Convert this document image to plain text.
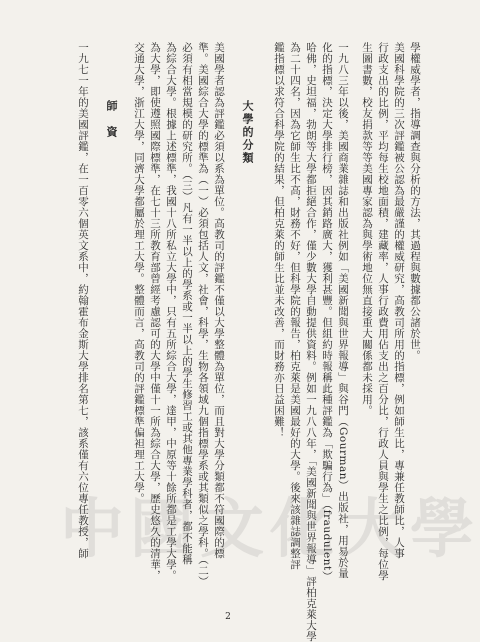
學權威學者，指導調查與分析的方法，其過程與數據都公諸於世。
美國科學院的三次評鑑被公認為最嚴謹的權威研究，高教司所用的指標，例如師生比，專兼任教師比，人事
行政支出的比例，平均每生校地面積，建藏率，人事行政費用佔支出之百分比，行政人員與學生之比例，每位學
生圖書數，校友捐款等等美國專家認為與學術地位無直接重大關係都未採用。
一九八三年以後，美國商業雜誌和出版社例如「美國新聞與世界報導」與谷門（Gourman）出版社，用易於量
化的指標，決定大學排行榜，因其銷路廣大，獲利甚豐。但組約時報稱此種評鑑為「欺騙行為」（fraudulent）
哈佛，史坦福，勃朗等大學都拒絕合作，僅少數大學自動提供資料。例如一九八八年，「美國新聞與世界報導」評柏克萊大學
為二十四名，因為它師生比不高，財務不好，但科學院的報告，柏克萊是美國最好的大學。後來該雜誌調整評
鑑指標以求符合科學院的結果，但柏克萊的師生比並未改善，而財務亦日益困難！
大學的分類
美國學者認為評鑑必須以系為單位。高教司的評鑑不僅以大學整體為單位，而且對大學分類都不符國際的標
準。美國綜合大學的標準為（一）必須包括人文，社會，科學，生物各領域九個指標學系或其類似之學科。（二）
必須有相當規模的研究所。（三）凡有一半以上的學系或一半以上的學生修習工或其他專業學科者，都不能稱
為綜合大學。根據上述標準，我國十八所私立大學中，只有五所綜合大學，達甲，中原等十餘所都是工學大學。
為大學，即使遵照國際標準，在七十三所教育部曾經考慮認可的大學中僅十一所為綜合大學，歷史悠久的清華，
交通大學，浙江大學，同濟大學都屬於理工大學。整體而言，高教司的評鑑標準偏袒理工大學。
師　資
一九七一年的美國評鑑，在一百零六個英文系中，約翰霍布金斯大學排名第七，該系僅有六位專任教授，師
中國文化大學
2
